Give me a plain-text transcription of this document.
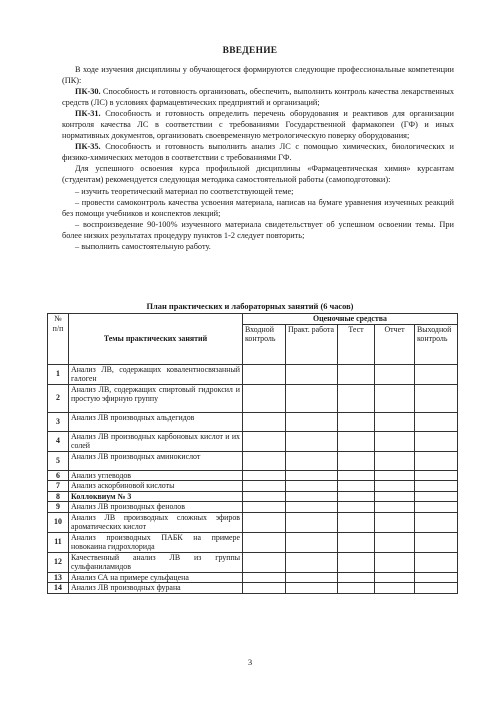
ВВЕДЕНИЕ

В ходе изучения дисциплины у обучающегося формируются следующие профессиональные компетенции (ПК):

ПК-30. Способность и готовность организовать, обеспечить, выполнить контроль качества лекарственных средств (ЛС) в условиях фармацевтических предприятий и организаций;

ПК-31. Способность и готовность определить перечень оборудования и реактивов для организации контроля качества ЛС в соответствии с требованиями Государственной фармакопеи (ГФ) и иных нормативных документов, организовать своевременную метрологическую поверку оборудования;

ПК-35. Способность и готовность выполнить анализ ЛС с помощью химических, биологических и физико-химических методов в соответствии с требованиями ГФ.

Для успешного освоения курса профильной дисциплины «Фармацевтическая химия» курсантам (студентам) рекомендуется следующая методика самостоятельной работы (самоподготовки):

– изучить теоретический материал по соответствующей теме;

– провести самоконтроль качества усвоения материала, написав на бумаге уравнения изученных реакций без помощи учебников и конспектов лекций;

– воспроизведение 90-100% изученного материала свидетельствует об успешном освоении темы. При более низких результатах процедуру пунктов 1-2 следует повторить;

– выполнить самостоятельную работу.

План практических и лабораторных занятий (6 часов)
№
п/п	Темы практических занятий	Оценочные средства				
		Входной контроль	Практ. работа	Тест	Отчет	Выходной контроль
1	Анализ ЛВ, содержащих ковалентносвязанный галоген					
2	Анализ ЛВ, содержащих спиртовый гидроксил и простую эфирную группу					
3	Анализ ЛВ производных альдегидов					
4	Анализ ЛВ производных карбоновых кислот и их солей					
5	Анализ ЛВ производных аминокислот					
6	Анализ углеводов					
7	Анализ аскорбиновой кислоты					
8	Коллоквиум № 3					
9	Анализ ЛВ производных фенолов					
10	Анализ ЛВ производных сложных эфиров ароматических кислот					
11	Анализ производных ПАБК на примере новокаина гидрохлорида					
12	Качественный анализ ЛВ из группы сульфаниламидов					
13	Анализ СА на примере сульфацена					
14	Анализ ЛВ производных фурана					
3
